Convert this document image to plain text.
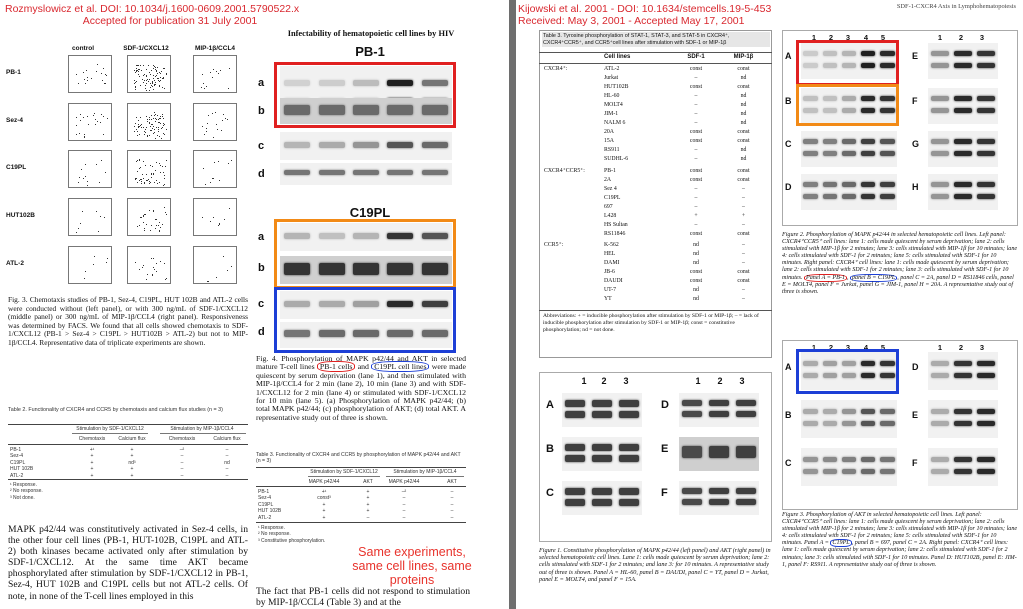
Rozmyslowicz et al. DOI: 10.1034/j.1600-0609.2001.5790522.x
Accepted for publication 31 July 2001
control	SDF-1/CXCL12	MIP-1β/CCL4
PB-1
Sez-4
C19PL
HUT102B
ATL-2
Fig. 3. Chemotaxis studies of PB-1, Sez-4, C19PL, HUT 102B and ATL-2 cells were conducted without (left panel), or with 300 ng/mL of SDF-1/CXCL12 (middle panel) or 300 ng/mL of MIP-1β/CCL4 (right panel). Responsiveness was determined by FACS. We found that all cells showed chemotaxis to SDF-1/CXCL12 (PB-1 > Sez-4 > C19PL > HUT102B > ATL-2) but not to MIP-1β/CCL4. Representative data of triplicate experiments are shown.
Table 2. Functionality of CXCR4 and CCR5 by chemotaxis and calcium flux studies (n = 3)
Stimulation by SDF-1/CXCL12	Stimulation by MIP-1β/CCL4
Chemotaxis	Calcium flux	Chemotaxis	Calcium flux
PB-1	+¹	+	–²	–
Sez-4	+	+	–	–
C19PL	+	nd³	–	nd
HUT 102B	+	+	–	–
ATL-2	+	+	–	–
¹ Response.
² No response.
³ Not done.
MAPK p42/44 was constitutively activated in Sez-4 cells, in the other four cell lines (PB-1, HUT-102B, C19PL and ATL-2) both kinases became activated only after stimulation by SDF-1/CXCL12. At the same time AKT became phosphorylated after stimulation by SDF-1/CXCL12 in PB-1, Sez-4, HUT 102B and C19PL cells but not ATL-2 cells. Of note, in none of the T-cell lines employed in this
Infectability of hematopoietic cell lines by HIV
PB-1
C19PL
a
b
c
d
a
b
c
d
Fig. 4. Phosphorylation of MAPK p42/44 and AKT in selected mature T-cell lines PB-1 cells and C19PL cell lines were made quiescent by serum deprivation (lane 1), and then stimulated with MIP-1β/CCL4 for 2 min (lane 2), 10 min (lane 3) and with SDF-1/CXCL12 for 2 min (lane 4) or stimulated with SDF-1/CXCL12 for 10 min (lane 5). (a) Phosphorylation of MAPK p42/44; (b) total MAPK p42/44; (c) phosphorylation of AKT; (d) total AKT. A representative study out of three is shown.
Table 3. Functionality of CXCR4 and CCR5 by phosphorylation of MAPK p42/44 and AKT (n = 3)
Stimulation by SDF-1/CXCL12	Stimulation by MIP-1β/CCL4
MAPK p42/44	AKT	MAPK p42/44	AKT
PB-1	+¹	+	–²	–
Sez-4	const³	+	–	–
C19PL	+	+	–	–
HUT 102B	+	+	–	–
ATL-2	+	–	–	–
¹ Response.
² No response.
³ Constitutive phosphorylation.
Same experiments, same cell lines, same proteins
The fact that PB-1 cells did not respond to stimulation by MIP-1β/CCL4 (Table 3) and at the
Kijowski et al. 2001 - DOI: 10.1634/stemcells.19-5-453
Received: May 3, 2001 - Accepted May 17, 2001
SDF-1-CXCR4 Axis in Lymphohematopoiesis
Table 3. Tyrosine phosphorylation of STAT-1, STAT-3, and STAT-5 in CXCR4⁺, CXCR4⁺CCR5⁺, and CCR5⁺cell lines after stimulation with SDF-1 or MIP-1β
Cell lines	SDF-1	MIP-1β
CXCR4⁺:	ATL-2	const	const
Jurkat	–	nd
HUT102B	const	const
HL-60	–	nd
MOLT4	–	nd
JIM-1	–	nd
NALM 6	–	nd
20A	const	const
15A	const	const
RS911	–	nd
SUDHL-6	–	nd
CXCR4⁺CCR5⁺:	PB-1	const	const
2A	const	const
Sez 4	–	–
C19PL	–	–
697	–	–
L428	+	+
HS Sultan	–	–
RS11846	const	const
CCR5⁺:	K-562	nd	–
HEL	nd	–
DAMI	nd	–
JB-6	const	const
DAUDI	const	const
UT-7	nd	–
YT	nd	–
Abbreviations: + = inducible phosphorylation after stimulation by SDF-1 or MIP-1β; – = lack of inducible phosphorylation after stimulation by SDF-1 or MIP-1β; const = constitutive phosphorylation; nd = not done.
1	2	3	1	2	3
A	D
B	E
C	F
Figure 1. Constitutive phosphorylation of MAPK p42/44 (left panel) and AKT (right panel) in selected hematopoietic cell lines. Lane 1: cells made quiescent by serum deprivation; lane 2: cells stimulated with SDF-1 for 2 minutes; and lane 3: for 10 minutes. A representative study out of three is shown. Panel A = HL-60, panel B = DAUDI, panel C = YT, panel D = Jurkat, panel E = MOLT4, and panel F = 15A.
1	2	3	4	5	1	2	3
A	E
B	F
C	G
D	H
Figure 2. Phosphorylation of MAPK p42/44 in selected hematopoietic cell lines. Left panel: CXCR4⁺CCR5⁺ cell lines: lane 1: cells made quiescent by serum deprivation; lane 2: cells stimulated with MIP-1β for 2 minutes; lane 3: cells stimulated with MIP-1β for 10 minutes; lane 4: cells stimulated with SDF-1 for 2 minutes; lane 5: cells stimulated with SDF-1 for 10 minutes. Right panel: CXCR4⁺ cell lines: lane 1: cells made quiescent by serum deprivation; lane 2: cells stimulated with SDF-1 for 2 minutes; lane 3: cells stimulated with SDF-1 for 10 minutes. Panel A = PB-1 , panel B = C19PL , panel C = 2A, panel D = RS11846 cells, panel E = MOLT4, panel F = Jurkat, panel G = JIM-1, panel H = 20A. A representative study out of three is shown.
1	2	3	4	5	1	2	3
A	D
B	E
C	F
Figure 3. Phosphorylation of AKT in selected hematopoietic cell lines. Left panel: CXCR4⁺CCR5⁺ cell lines: lane 1: cells made quiescent by serum deprivation; lane 2: cells stimulated with MIP-1β for 2 minutes; lane 3: cells stimulated with MIP-1β for 10 minutes; lane 4: cells stimulated with SDF-1 for 2 minutes; lane 5: cells stimulated with SDF-1 for 10 minutes. Panel A = C19PL , panel B = 697, panel C = 2A. Right panel: CXCR4⁺ cell lines: lane 1: cells made quiescent by serum deprivation; lane 2: cells stimulated with SDF-1 for 2 minutes; lane 3: cells stimulated with SDF-1 for 10 minutes. Panel D: HUT102B, panel E: JIM-1, panel F: RS911. A representative study out of three is shown.
